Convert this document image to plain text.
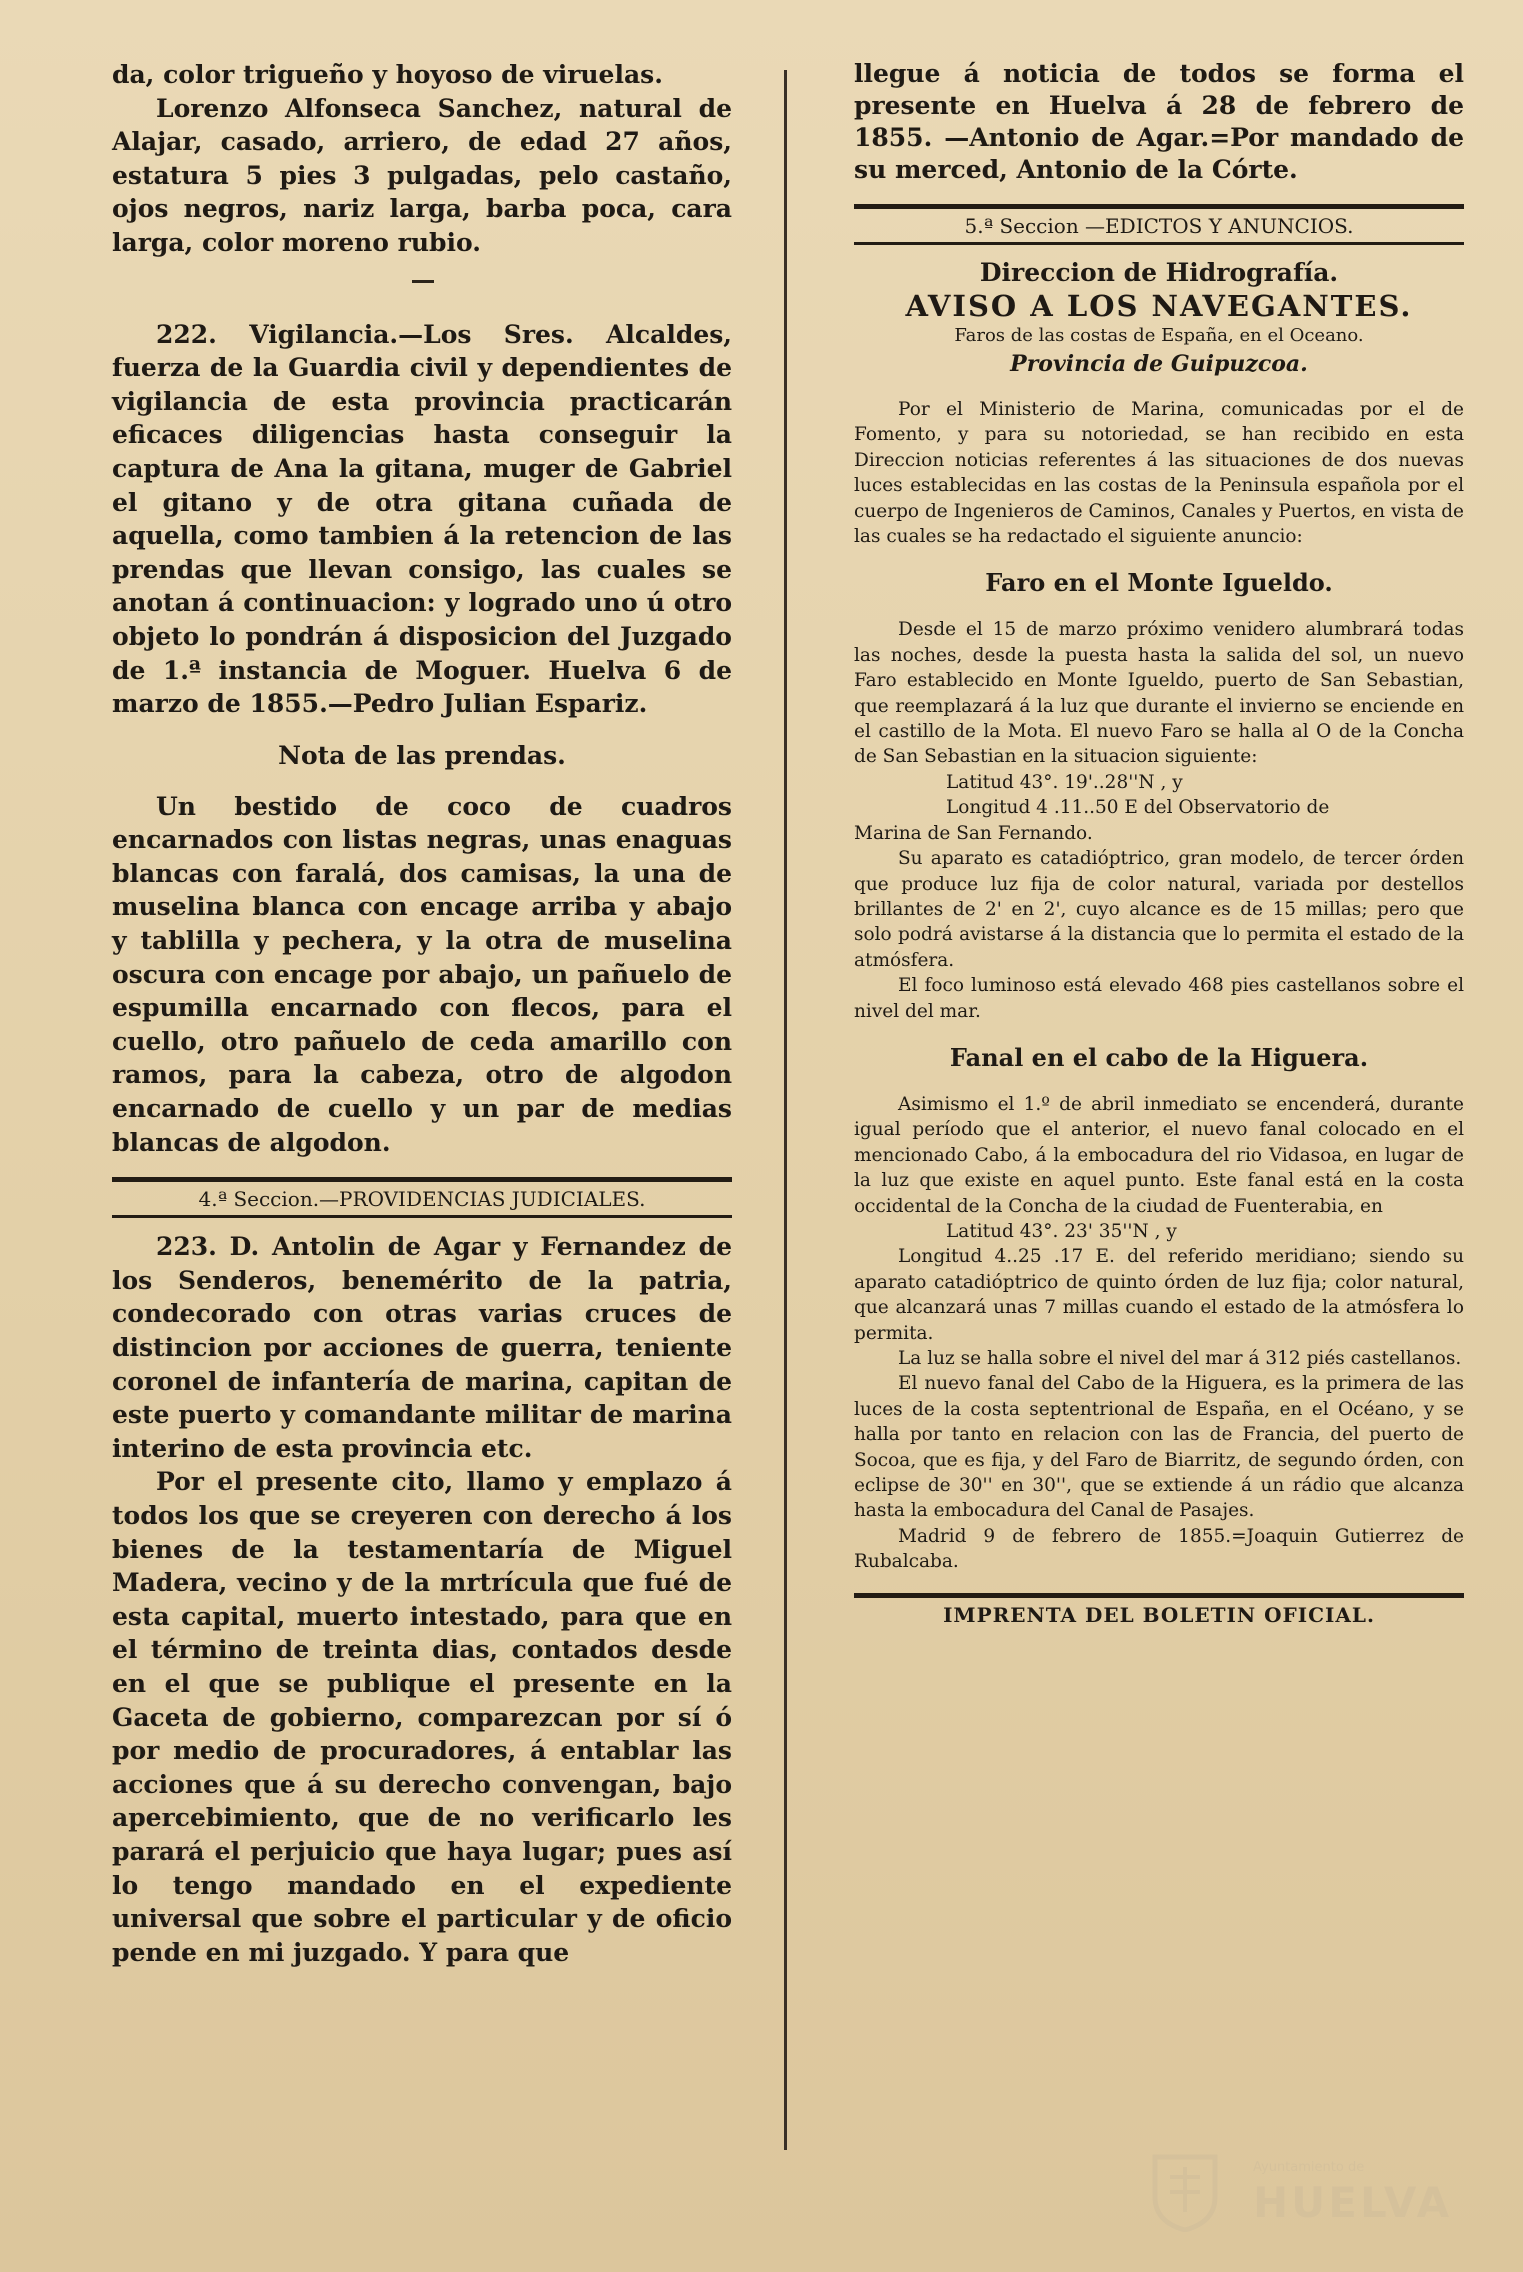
da, color trigueño y hoyoso de viruelas.

Lorenzo Alfonseca Sanchez, natural de Alajar, casado, arriero, de edad 27 años, estatura 5 pies 3 pulgadas, pelo castaño, ojos negros, nariz larga, barba poca, cara larga, color moreno rubio.

222. Vigilancia.—Los Sres. Alcaldes, fuerza de la Guardia civil y dependientes de vigilancia de esta provincia practicarán eficaces diligencias hasta conseguir la captura de Ana la gitana, muger de Gabriel el gitano y de otra gitana cuñada de aquella, como tambien á la retencion de las prendas que llevan consigo, las cuales se anotan á continuacion: y logrado uno ú otro objeto lo pondrán á disposicion del Juzgado de 1.ª instancia de Moguer. Huelva 6 de marzo de 1855.—Pedro Julian Espariz.

Nota de las prendas.

Un bestido de coco de cuadros encarnados con listas negras, unas enaguas blancas con faralá, dos camisas, la una de muselina blanca con encage arriba y abajo y tablilla y pechera, y la otra de muselina oscura con encage por abajo, un pañuelo de espumilla encarnado con flecos, para el cuello, otro pañuelo de ceda amarillo con ramos, para la cabeza, otro de algodon encarnado de cuello y un par de medias blancas de algodon.

4.ª Seccion.—PROVIDENCIAS JUDICIALES.

223. D. Antolin de Agar y Fernandez de los Senderos, benemérito de la patria, condecorado con otras varias cruces de distincion por acciones de guerra, teniente coronel de infantería de marina, capitan de este puerto y comandante militar de marina interino de esta provincia etc.

Por el presente cito, llamo y emplazo á todos los que se creyeren con derecho á los bienes de la testamentaría de Miguel Madera, vecino y de la mrtrícula que fué de esta capital, muerto intestado, para que en el término de treinta dias, contados desde en el que se publique el presente en la Gaceta de gobierno, comparezcan por sí ó por medio de procuradores, á entablar las acciones que á su derecho convengan, bajo apercebimiento, que de no verificarlo les parará el perjuicio que haya lugar; pues así lo tengo mandado en el expediente universal que sobre el particular y de oficio pende en mi juzgado. Y para que

llegue á noticia de todos se forma el presente en Huelva á 28 de febrero de 1855. —Antonio de Agar.=Por mandado de su merced, Antonio de la Córte.

5.ª Seccion —EDICTOS Y ANUNCIOS.

Direccion de Hidrografía.

AVISO A LOS NAVEGANTES.

Faros de las costas de España, en el Oceano.

Provincia de Guipuzcoa.

Por el Ministerio de Marina, comunicadas por el de Fomento, y para su notoriedad, se han recibido en esta Direccion noticias referentes á las situaciones de dos nuevas luces establecidas en las costas de la Peninsula española por el cuerpo de Ingenieros de Caminos, Canales y Puertos, en vista de las cuales se ha redactado el siguiente anuncio:

Faro en el Monte Igueldo.

Desde el 15 de marzo próximo venidero alumbrará todas las noches, desde la puesta hasta la salida del sol, un nuevo Faro establecido en Monte Igueldo, puerto de San Sebastian, que reemplazará á la luz que durante el invierno se enciende en el castillo de la Mota. El nuevo Faro se halla al O de la Concha de San Sebastian en la situacion siguiente:

Latitud 43°. 19'..28''N , y

Longitud 4 .11..50 E del Observatorio de

Marina de San Fernando.

Su aparato es catadióptrico, gran modelo, de tercer órden que produce luz fija de color natural, variada por destellos brillantes de 2' en 2', cuyo alcance es de 15 millas; pero que solo podrá avistarse á la distancia que lo permita el estado de la atmósfera.

El foco luminoso está elevado 468 pies castellanos sobre el nivel del mar.

Fanal en el cabo de la Higuera.

Asimismo el 1.º de abril inmediato se encenderá, durante igual período que el anterior, el nuevo fanal colocado en el mencionado Cabo, á la embocadura del rio Vidasoa, en lugar de la luz que existe en aquel punto. Este fanal está en la costa occidental de la Concha de la ciudad de Fuenterabia, en

Latitud 43°. 23' 35''N , y

Longitud 4..25 .17 E. del referido meridiano; siendo su aparato catadióptrico de quinto órden de luz fija; color natural, que alcanzará unas 7 millas cuando el estado de la atmósfera lo permita.

La luz se halla sobre el nivel del mar á 312 piés castellanos.

El nuevo fanal del Cabo de la Higuera, es la primera de las luces de la costa septentrional de España, en el Océano, y se halla por tanto en relacion con las de Francia, del puerto de Socoa, que es fija, y del Faro de Biarritz, de segundo órden, con eclipse de 30'' en 30'', que se extiende á un rádio que alcanza hasta la embocadura del Canal de Pasajes.

Madrid 9 de febrero de 1855.=Joaquin Gutierrez de Rubalcaba.

IMPRENTA DEL BOLETIN OFICIAL.
Ayuntamiento de
HUELVA
